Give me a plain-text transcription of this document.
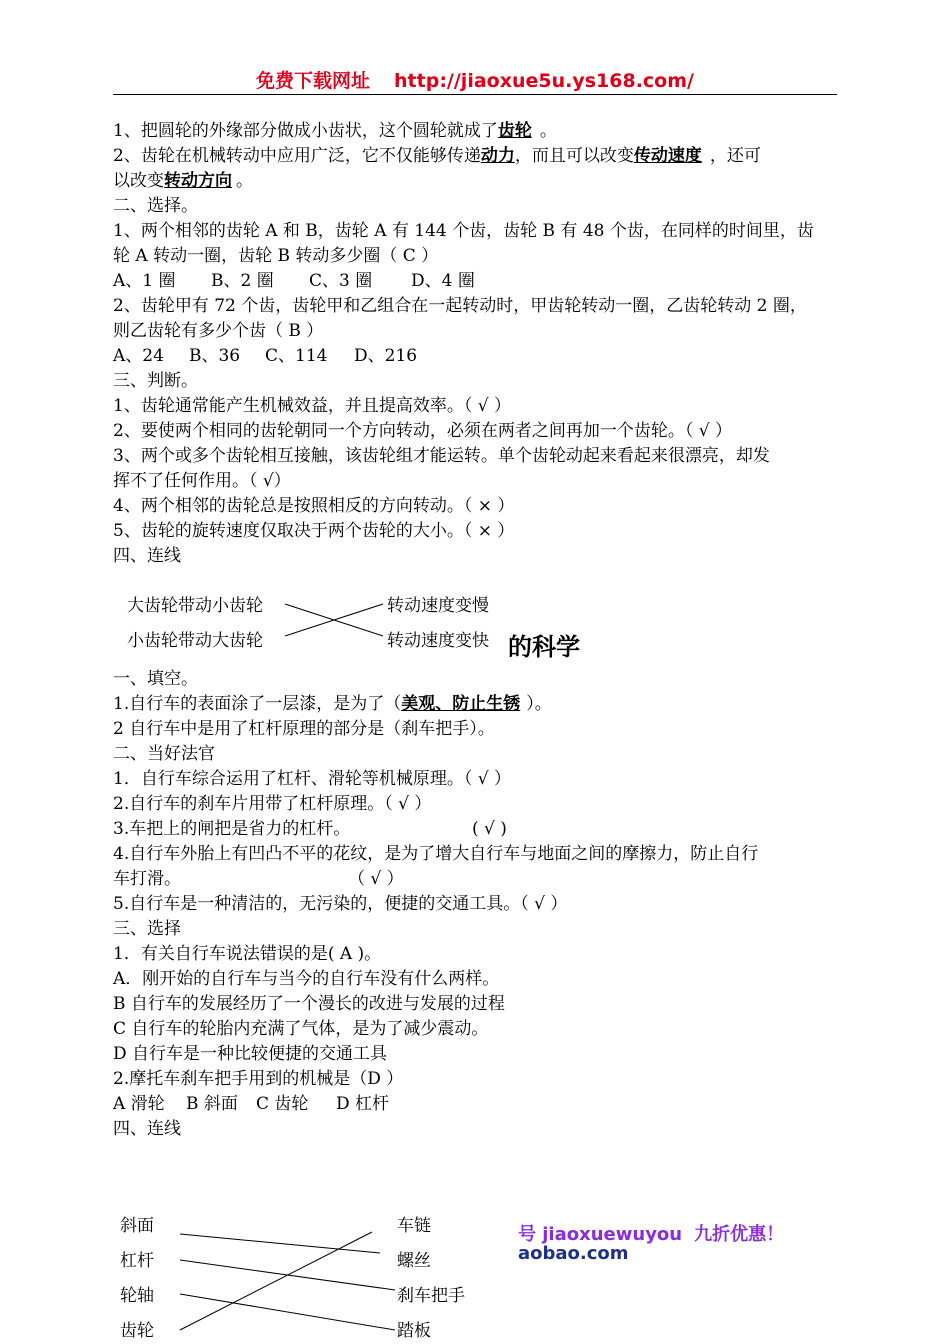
免费下载网址 http://jiaoxue5u.ys168.com/
1、把圆轮的外缘部分做成小齿状，这个圆轮就成了齿轮 。
2、齿轮在机械转动中应用广泛，它不仅能够传递动力，而且可以改变传动速度 ，还可
以改变转动方向 。
二、选择。
1、两个相邻的齿轮 A 和 B，齿轮 A 有 144 个齿，齿轮 B 有 48 个齿，在同样的时间里，齿
轮 A 转动一圈，齿轮 B 转动多少圈（ C ）
A、1 圈 B、2 圈 C、3 圈 D、4 圈
2、齿轮甲有 72 个齿，齿轮甲和乙组合在一起转动时，甲齿轮转动一圈，乙齿轮转动 2 圈，
则乙齿轮有多少个齿（ B ）
A、24 B、36 C、114 D、216
三、判断。
1、齿轮通常能产生机械效益，并且提高效率。（ √ ）
2、要使两个相同的齿轮朝同一个方向转动，必须在两者之间再加一个齿轮。（ √ ）
3、两个或多个齿轮相互接触，该齿轮组才能运转。单个齿轮动起来看起来很漂亮，却发
挥不了任何作用。（ √）
4、两个相邻的齿轮总是按照相反的方向转动。（ × ）
5、齿轮的旋转速度仅取决于两个齿轮的大小。（ × ）
四、连线
大齿轮带动小齿轮
小齿轮带动大齿轮
转动速度变慢
的科学
转动速度变快
一、填空。
1.自行车的表面涂了一层漆，是为了（美观、防止生锈 ）。
2 自行车中是用了杠杆原理的部分是（刹车把手）。
二、当好法官
1．自行车综合运用了杠杆、滑轮等机械原理。（ √ ）
2.自行车的刹车片用带了杠杆原理。（ √ ）
3.车把上的闸把是省力的杠杆。	( √ )
4.自行车外胎上有凹凸不平的花纹，是为了增大自行车与地面之间的摩擦力，防止自行
车打滑。	（ √ ）
5.自行车是一种清洁的，无污染的，便捷的交通工具。（ √ ）
三、选择
1．有关自行车说法错误的是( A )。
A．刚开始的自行车与当今的自行车没有什么两样。
B 自行车的发展经历了一个漫长的改进与发展的过程
C 自行车的轮胎内充满了气体，是为了减少震动。
D 自行车是一种比较便捷的交通工具
2.摩托车刹车把手用到的机械是（D ）
A 滑轮 B 斜面 C 齿轮 D 杠杆
四、连线
斜面
杠杆
轮轴
齿轮
车链
螺丝
刹车把手
踏板
号 jiaoxuewuyou 九折优惠！
aobao.com
